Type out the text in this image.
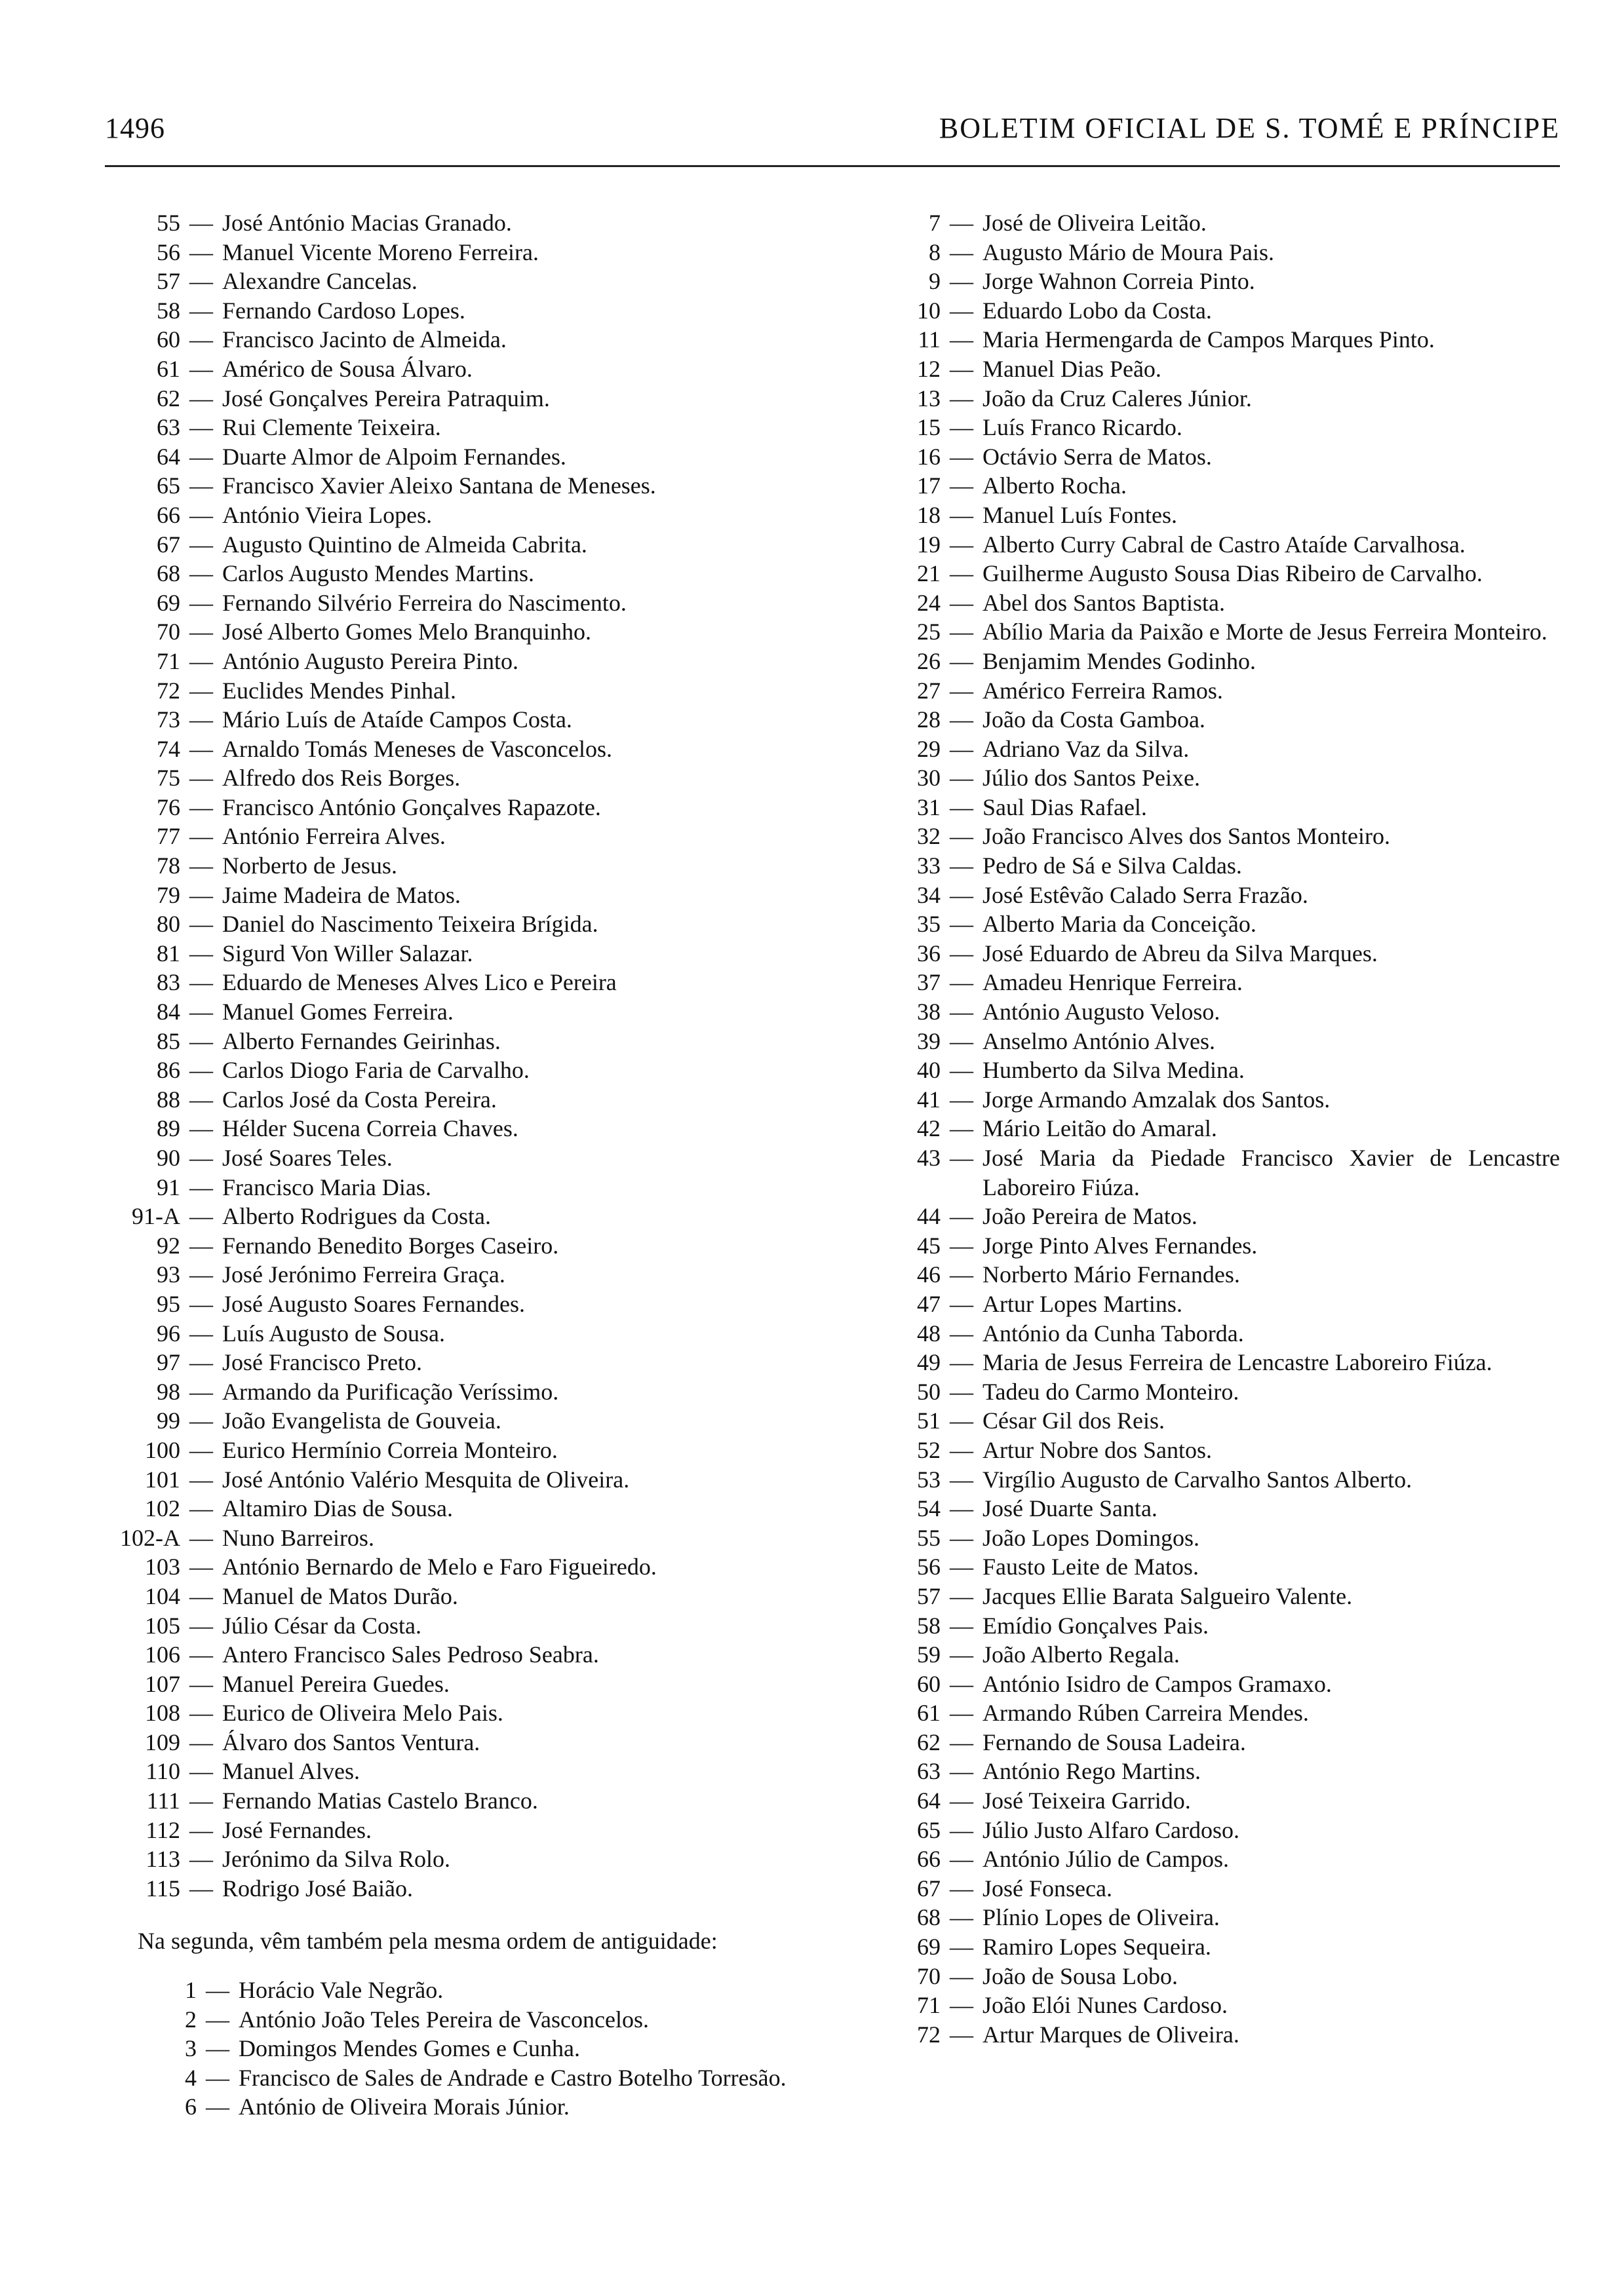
1496	BOLETIM OFICIAL DE S. TOMÉ E PRÍNCIPE
55 — José António Macias Granado.
56 — Manuel Vicente Moreno Ferreira.
57 — Alexandre Cancelas.
58 — Fernando Cardoso Lopes.
60 — Francisco Jacinto de Almeida.
61 — Américo de Sousa Álvaro.
62 — José Gonçalves Pereira Patraquim.
63 — Rui Clemente Teixeira.
64 — Duarte Almor de Alpoim Fernandes.
65 — Francisco Xavier Aleixo Santana de Meneses.
66 — António Vieira Lopes.
67 — Augusto Quintino de Almeida Cabrita.
68 — Carlos Augusto Mendes Martins.
69 — Fernando Silvério Ferreira do Nascimento.
70 — José Alberto Gomes Melo Branquinho.
71 — António Augusto Pereira Pinto.
72 — Euclides Mendes Pinhal.
73 — Mário Luís de Ataíde Campos Costa.
74 — Arnaldo Tomás Meneses de Vasconcelos.
75 — Alfredo dos Reis Borges.
76 — Francisco António Gonçalves Rapazote.
77 — António Ferreira Alves.
78 — Norberto de Jesus.
79 — Jaime Madeira de Matos.
80 — Daniel do Nascimento Teixeira Brígida.
81 — Sigurd Von Willer Salazar.
83 — Eduardo de Meneses Alves Lico e Pereira
84 — Manuel Gomes Ferreira.
85 — Alberto Fernandes Geirinhas.
86 — Carlos Diogo Faria de Carvalho.
88 — Carlos José da Costa Pereira.
89 — Hélder Sucena Correia Chaves.
90 — José Soares Teles.
91 — Francisco Maria Dias.
91-A — Alberto Rodrigues da Costa.
92 — Fernando Benedito Borges Caseiro.
93 — José Jerónimo Ferreira Graça.
95 — José Augusto Soares Fernandes.
96 — Luís Augusto de Sousa.
97 — José Francisco Preto.
98 — Armando da Purificação Veríssimo.
99 — João Evangelista de Gouveia.
100 — Eurico Hermínio Correia Monteiro.
101 — José António Valério Mesquita de Oliveira.
102 — Altamiro Dias de Sousa.
102-A — Nuno Barreiros.
103 — António Bernardo de Melo e Faro Figueiredo.
104 — Manuel de Matos Durão.
105 — Júlio César da Costa.
106 — Antero Francisco Sales Pedroso Seabra.
107 — Manuel Pereira Guedes.
108 — Eurico de Oliveira Melo Pais.
109 — Álvaro dos Santos Ventura.
110 — Manuel Alves.
111 — Fernando Matias Castelo Branco.
112 — José Fernandes.
113 — Jerónimo da Silva Rolo.
115 — Rodrigo José Baião.
Na segunda, vêm também pela mesma ordem de antiguidade:
1 — Horácio Vale Negrão.
2 — António João Teles Pereira de Vasconcelos.
3 — Domingos Mendes Gomes e Cunha.
4 — Francisco de Sales de Andrade e Castro Botelho Torresão.
6 — António de Oliveira Morais Júnior.
7 — José de Oliveira Leitão.
8 — Augusto Mário de Moura Pais.
9 — Jorge Wahnon Correia Pinto.
10 — Eduardo Lobo da Costa.
11 — Maria Hermengarda de Campos Marques Pinto.
12 — Manuel Dias Peão.
13 — João da Cruz Caleres Júnior.
15 — Luís Franco Ricardo.
16 — Octávio Serra de Matos.
17 — Alberto Rocha.
18 — Manuel Luís Fontes.
19 — Alberto Curry Cabral de Castro Ataíde Carvalhosa.
21 — Guilherme Augusto Sousa Dias Ribeiro de Carvalho.
24 — Abel dos Santos Baptista.
25 — Abílio Maria da Paixão e Morte de Jesus Ferreira Monteiro.
26 — Benjamim Mendes Godinho.
27 — Américo Ferreira Ramos.
28 — João da Costa Gamboa.
29 — Adriano Vaz da Silva.
30 — Júlio dos Santos Peixe.
31 — Saul Dias Rafael.
32 — João Francisco Alves dos Santos Monteiro.
33 — Pedro de Sá e Silva Caldas.
34 — José Estêvão Calado Serra Frazão.
35 — Alberto Maria da Conceição.
36 — José Eduardo de Abreu da Silva Marques.
37 — Amadeu Henrique Ferreira.
38 — António Augusto Veloso.
39 — Anselmo António Alves.
40 — Humberto da Silva Medina.
41 — Jorge Armando Amzalak dos Santos.
42 — Mário Leitão do Amaral.
43 — José Maria da Piedade Francisco Xavier de Lencastre Laboreiro Fiúza.
44 — João Pereira de Matos.
45 — Jorge Pinto Alves Fernandes.
46 — Norberto Mário Fernandes.
47 — Artur Lopes Martins.
48 — António da Cunha Taborda.
49 — Maria de Jesus Ferreira de Lencastre Laboreiro Fiúza.
50 — Tadeu do Carmo Monteiro.
51 — César Gil dos Reis.
52 — Artur Nobre dos Santos.
53 — Virgílio Augusto de Carvalho Santos Alberto.
54 — José Duarte Santa.
55 — João Lopes Domingos.
56 — Fausto Leite de Matos.
57 — Jacques Ellie Barata Salgueiro Valente.
58 — Emídio Gonçalves Pais.
59 — João Alberto Regala.
60 — António Isidro de Campos Gramaxo.
61 — Armando Rúben Carreira Mendes.
62 — Fernando de Sousa Ladeira.
63 — António Rego Martins.
64 — José Teixeira Garrido.
65 — Júlio Justo Alfaro Cardoso.
66 — António Júlio de Campos.
67 — José Fonseca.
68 — Plínio Lopes de Oliveira.
69 — Ramiro Lopes Sequeira.
70 — João de Sousa Lobo.
71 — João Elói Nunes Cardoso.
72 — Artur Marques de Oliveira.
